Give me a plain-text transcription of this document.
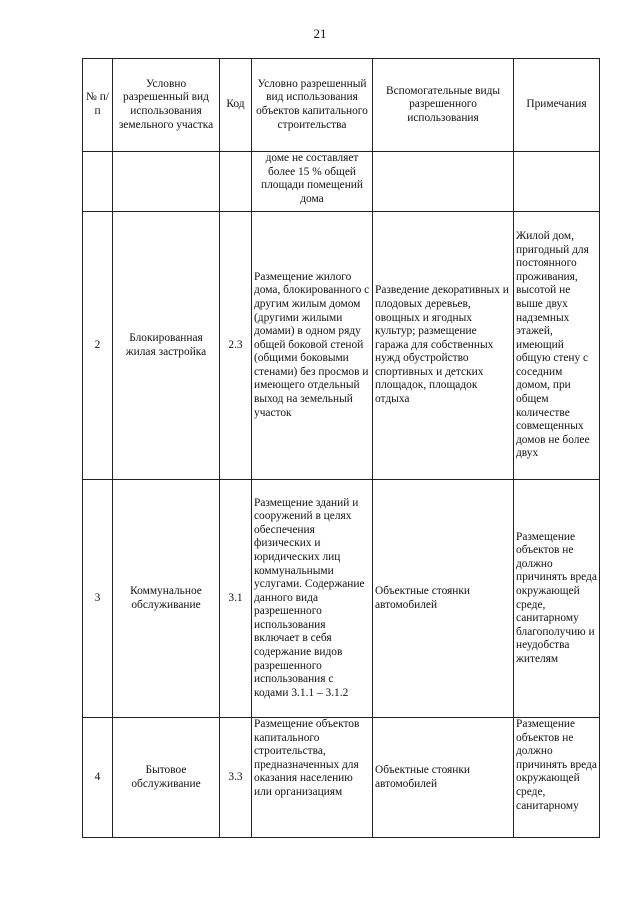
21
№ п/п	Условно разрешенный вид использования земельного участка	Код	Условно разрешенный вид использования объектов капитального строительства	Вспомогательные виды разрешенного использования	Примечания
			доме не составляет более 15 % общей площади помещений дома		
2	Блокированная жилая застройка	2.3	Размещение жилого дома, блокированного с другим жилым домом (другими жилыми домами) в одном ряду общей боковой стеной (общими боковыми стенами) без просмов и имеющего отдельный выход на земельный участок	Разведение декоративных и плодовых деревьев, овощных и ягодных культур; размещение гаража для собственных нужд обустройство спортивных и детских площадок, площадок отдыха	Жилой дом, пригодный для постоянного проживания, высотой не выше двух надземных этажей, имеющий общую стену с соседним домом, при общем количестве совмещенных домов не более двух
3	Коммунальное обслуживание	3.1	Размещение зданий и сооружений в целях обеспечения физических и юридических лиц коммунальными услугами. Содержание данного вида разрешенного использования включает в себя содержание видов разрешенного использования с кодами 3.1.1 – 3.1.2	Объектные стоянки автомобилей	Размещение объектов не должно причинять вреда окружающей среде, санитарному благополучию и неудобства жителям
4	Бытовое обслуживание	3.3	Размещение объектов капитального строительства, предназначенных для оказания населению или организациям	Объектные стоянки автомобилей	Размещение объектов не должно причинять вреда окружающей среде, санитарному
